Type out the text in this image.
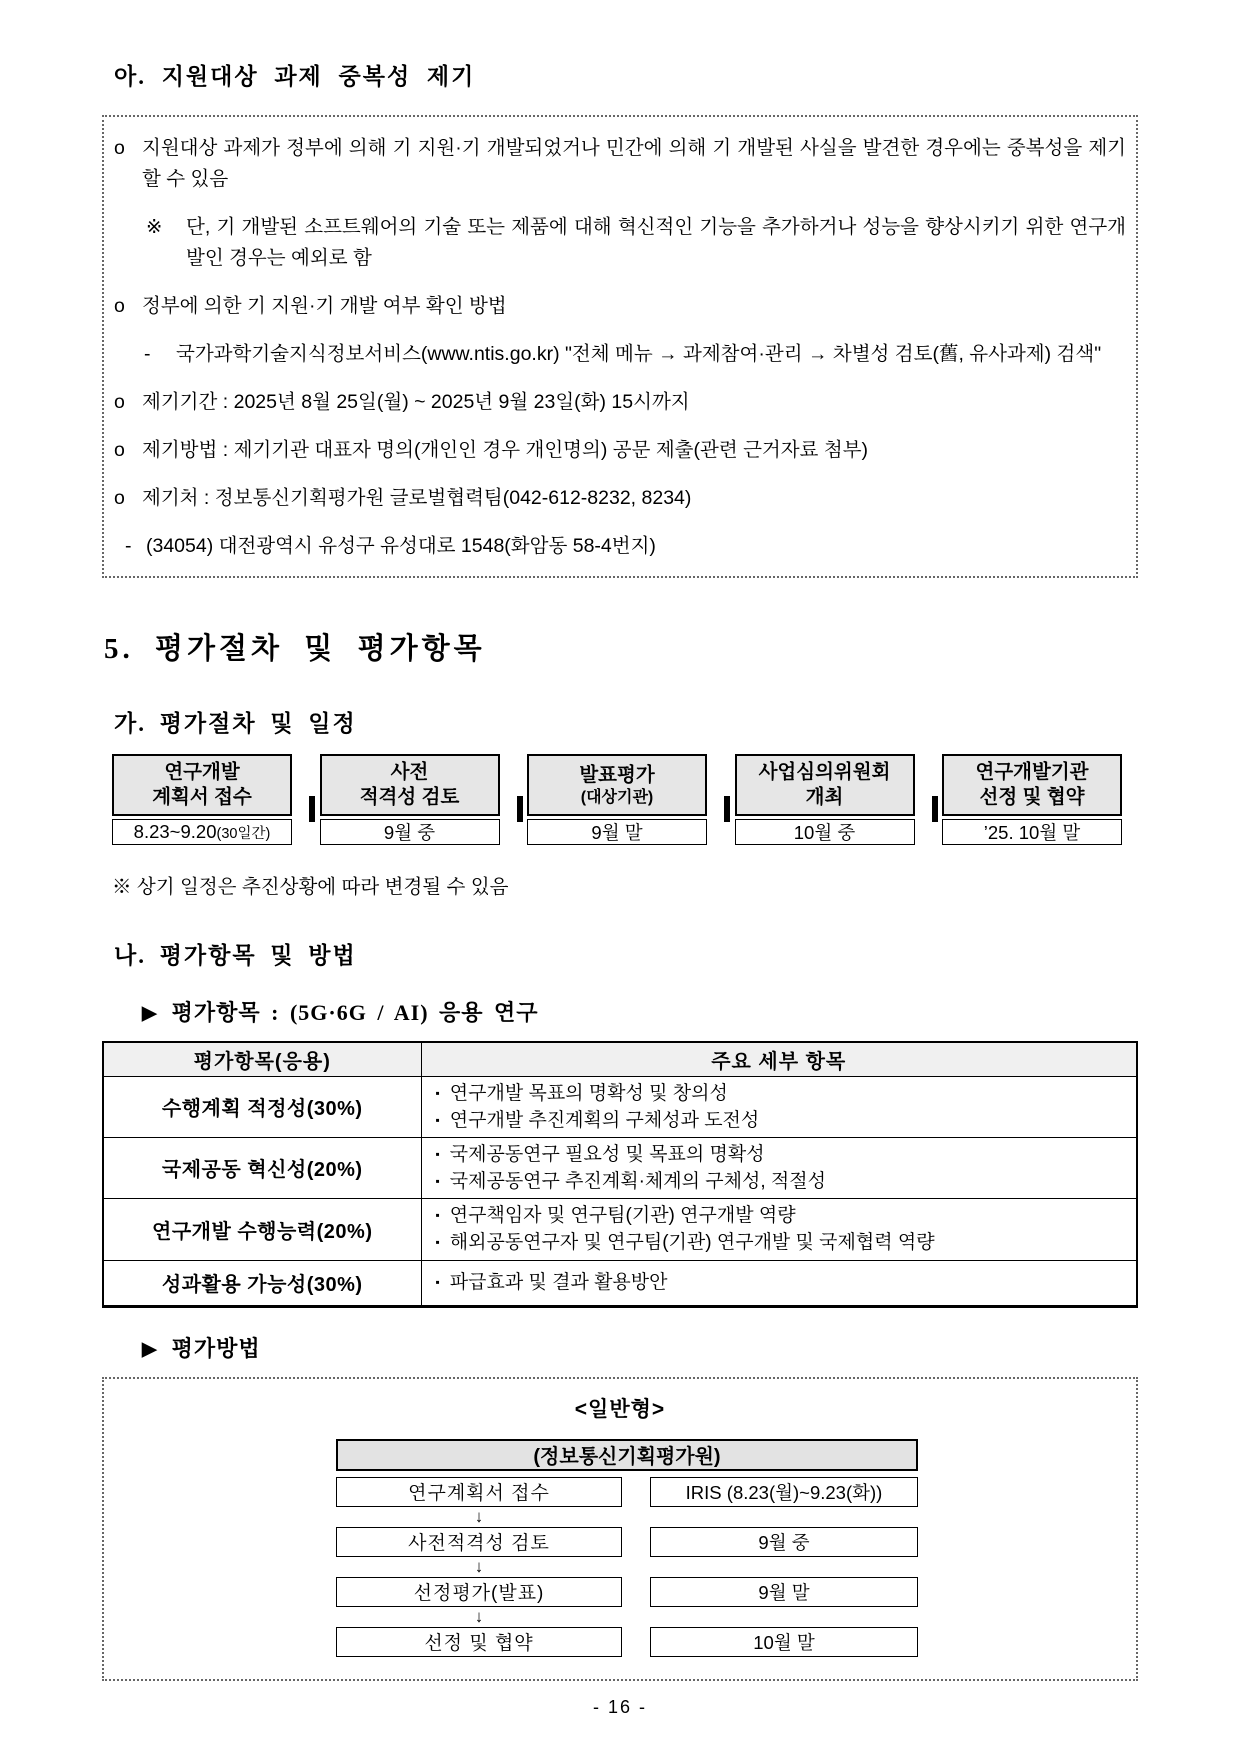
아. 지원대상 과제 중복성 제기

o 지원대상 과제가 정부에 의해 기 지원·기 개발되었거나 민간에 의해 기 개발된 사실을 발견한 경우에는 중복성을 제기할 수 있음

※ 단, 기 개발된 소프트웨어의 기술 또는 제품에 대해 혁신적인 기능을 추가하거나 성능을 향상시키기 위한 연구개발인 경우는 예외로 함

o 정부에 의한 기 지원·기 개발 여부 확인 방법

- 국가과학기술지식정보서비스(www.ntis.go.kr) "전체 메뉴 → 과제참여·관리 → 차별성 검토(舊, 유사과제) 검색"

o 제기기간 : 2025년 8월 25일(월) ~ 2025년 9월 23일(화) 15시까지

o 제기방법 : 제기기관 대표자 명의(개인인 경우 개인명의) 공문 제출(관련 근거자료 첨부)

o 제기처 : 정보통신기획평가원 글로벌협력팀(042-612-8232, 8234)

- (34054) 대전광역시 유성구 유성대로 1548(화암동 58-4번지)

5. 평가절차 및 평가항목
가. 평가절차 및 일정
연구개발
계획서 접수
8.23~9.20 (30일간)
사전
적격성 검토
9월 중
발표평가
(대상기관)
9월 말
사업심의위원회
개최
10월 중
연구개발기관
선정 및 협약
’25. 10월 말
※ 상기 일정은 추진상황에 따라 변경될 수 있음
나. 평가항목 및 방법
▶ 평가항목 : (5G·6G / AI) 응용 연구
평가항목(응용)	주요 세부 항목
수행계획 적정성(30%)	▪ 연구개발 목표의 명확성 및 창의성
▪ 연구개발 추진계획의 구체성과 도전성

국제공동 혁신성(20%)	▪ 국제공동연구 필요성 및 목표의 명확성
▪ 국제공동연구 추진계획·체계의 구체성, 적절성

연구개발 수행능력(20%)	▪ 연구책임자 및 연구팀(기관) 연구개발 역량
▪ 해외공동연구자 및 연구팀(기관) 연구개발 및 국제협력 역량

성과활용 가능성(30%)	▪ 파급효과 및 결과 활용방안
▶ 평가방법
<일반형>
(정보통신기획평가원)
연구계획서 접수	IRIS (8.23(월)~9.23(화))
↓
사전적격성 검토	9월 중
↓
선정평가(발표)	9월 말
↓
선정 및 협약	10월 말
- 16 -
